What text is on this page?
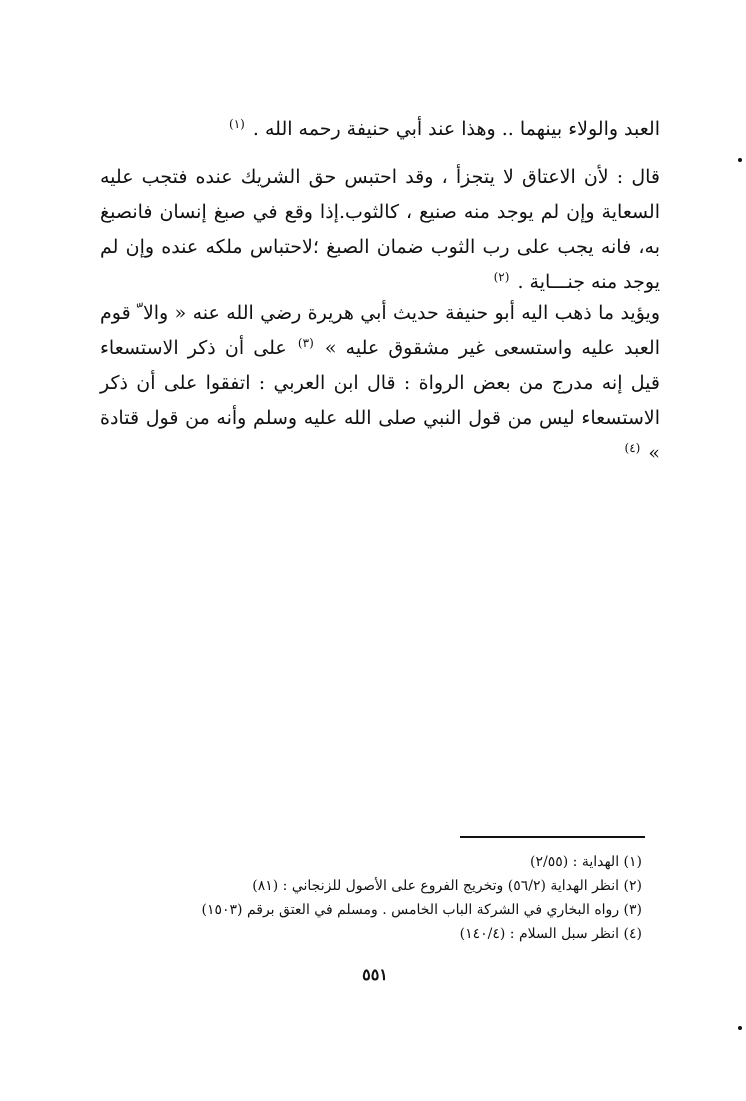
العبد والولاء بينهما .. وهذا عند أبي حنيفة رحمه الله . $^{(١)}$

قال : لأن الاعتاق لا يتجزأ ، وقد احتبس حق الشريك عنده فتجب عليه السعاية وإن لم يوجد منه صنيع ، كالثوب.إذا وقع في صبغ إنسان فانصبغ به، فانه يجب على رب الثوب ضمان الصبغ ؛لاحتباس ملكه عنده وإن لم يوجد منه جنـــاية . $^{(٢)}$

ويؤيد ما ذهب اليه أبو حنيفة حديث أبي هريرة رضي الله عنه « والا ّ قوم العبد عليه واستسعى غير مشقوق عليه » $^{(٣)}$ على أن ذكر الاستسعاء قيل إنه مدرج من بعض الرواة : قال ابن العربي : اتفقوا على أن ذكر الاستسعاء ليس من قول النبي صلى الله عليه وسلم وأنه من قول قتادة » $^{(٤)}$

(١) الهداية : (٢/٥٥)

(٢) انظر الهداية (٥٦/٢) وتخريج الفروع على الأصول للزنجاني : (٨١)

(٣) رواه البخاري في الشركة الباب الخامس . ومسلم في العتق برقم (١٥٠٣)

(٤) انظر سبل السلام : (١٤٠/٤)

٥٥١
